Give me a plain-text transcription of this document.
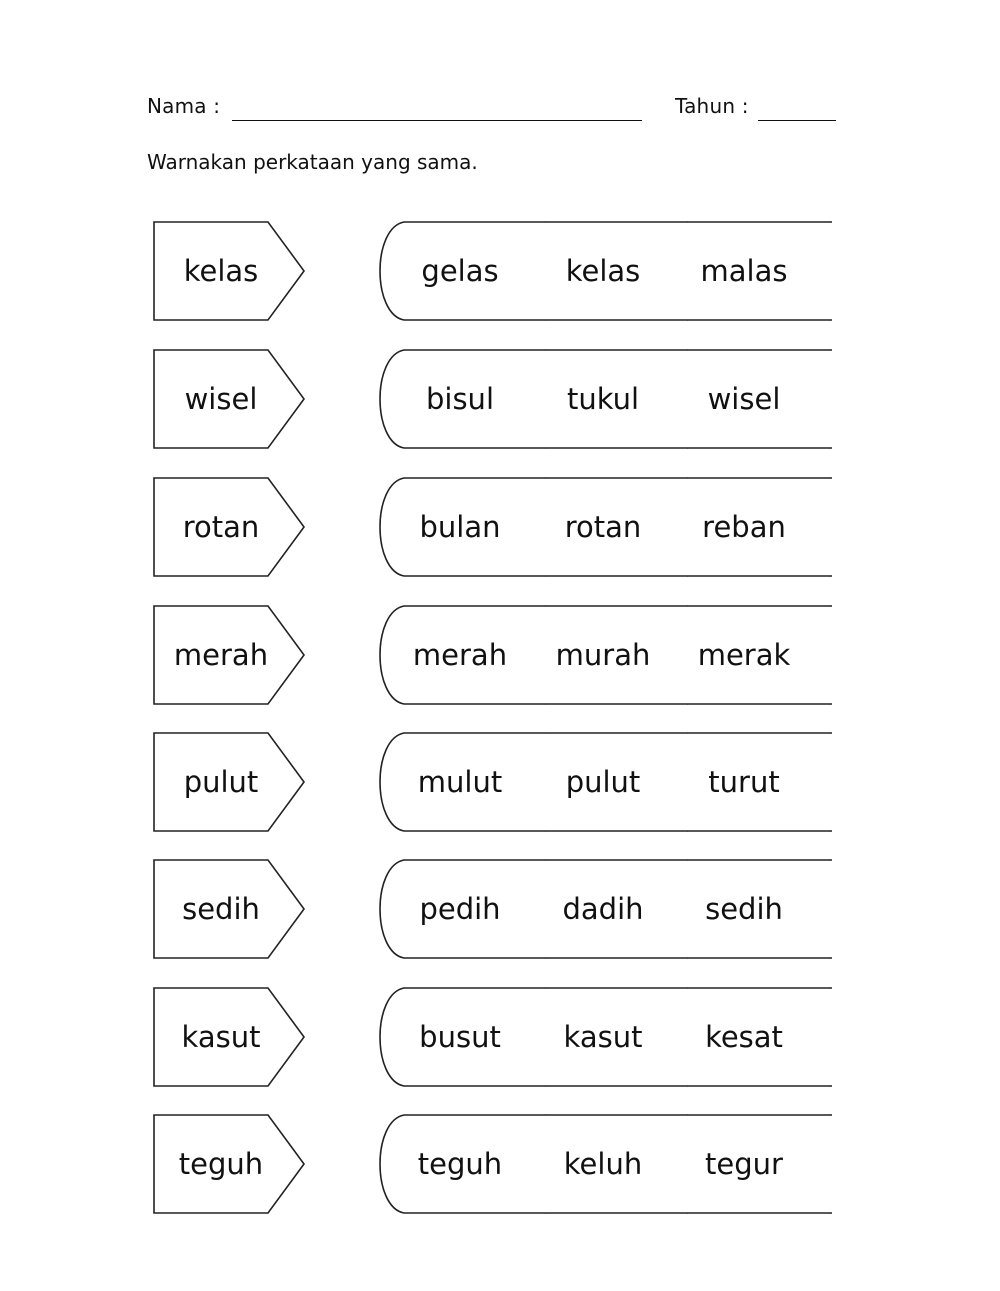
Nama :	Tahun :
Warnakan perkataan yang sama.
kelas	gelas kelas malas
wisel	bisul	tukul wisel
rotan	bulan rotan reban
merah	merah murah merak
pulut	mulut pulut turut
sedih	pedih dadih sedih
kasut	busut kasut kesat
teguh	teguh keluh tegur
